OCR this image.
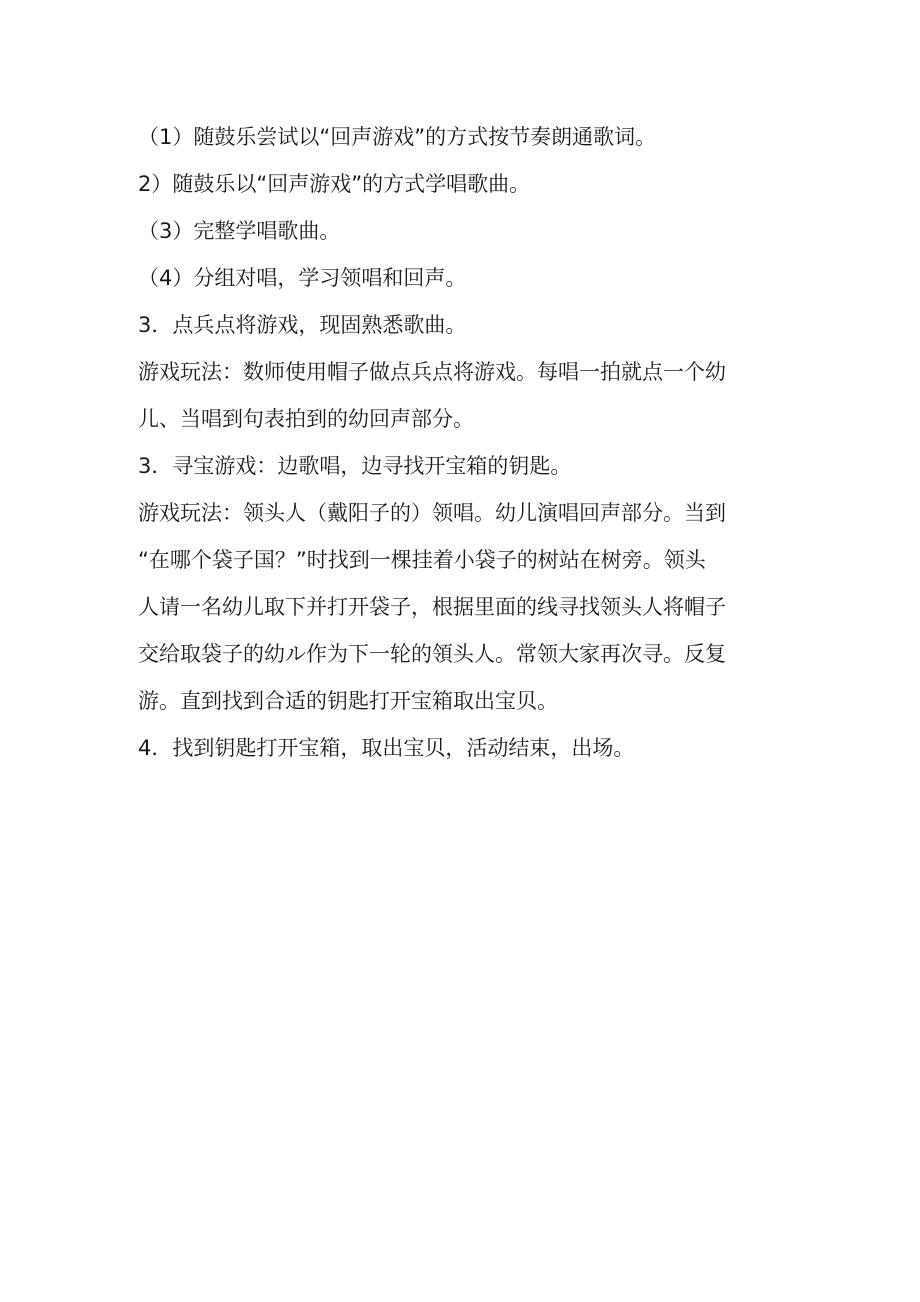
（1）随鼓乐尝试以“回声游戏”的方式按节奏朗通歌词。
2）随鼓乐以“回声游戏”的方式学唱歌曲。
（3）完整学唱歌曲。
（4）分组对唱，学习领唱和回声。
3．点兵点将游戏，现固熟悉歌曲。
游戏玩法：数师使用帽子做点兵点将游戏。每唱一拍就点一个幼
儿、当唱到句表拍到的幼回声部分。
3．寻宝游戏：边歌唱，边寻找开宝箱的钥匙。
游戏玩法：领头人（戴阳子的）领唱。幼儿演唱回声部分。当到
“在哪个袋子国？”时找到一棵挂着小袋子的树站在树旁。领头
人请一名幼儿取下并打开袋子，根据里面的线寻找领头人将帽子
交给取袋子的幼ル作为下一轮的領头人。常领大家再次寻。反复
游。直到找到合适的钥匙打开宝箱取出宝贝。
4．找到钥匙打开宝箱，取出宝贝，活动结束，出场。
